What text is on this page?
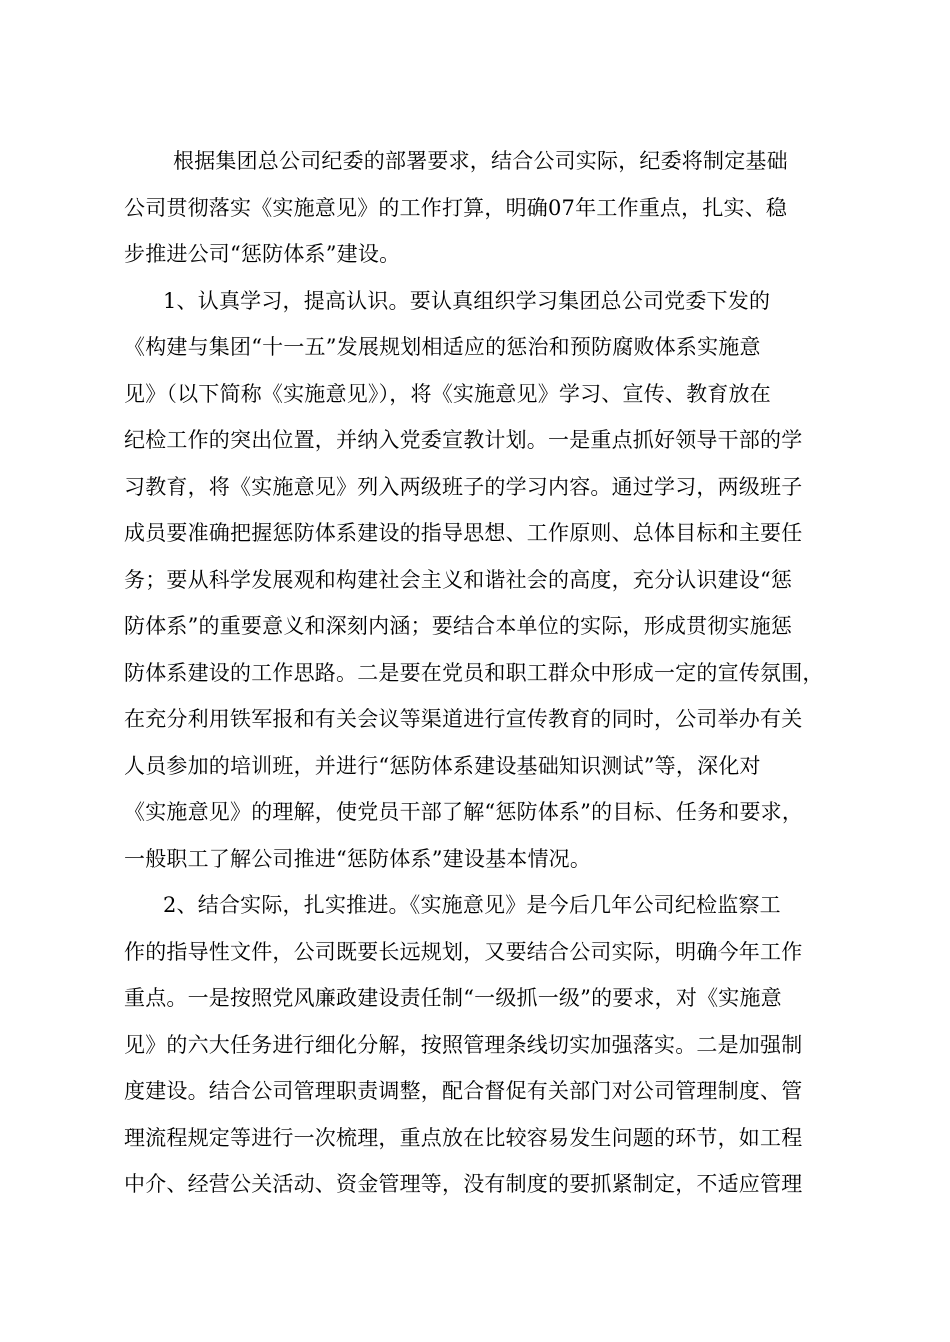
根据集团总公司纪委的部署要求，结合公司实际，纪委将制定基础
公司贯彻落实《实施意见》的工作打算，明确07年工作重点，扎实、稳
步推进公司“惩防体系”建设。
1、认真学习，提高认识。要认真组织学习集团总公司党委下发的
《构建与集团“十一五”发展规划相适应的惩治和预防腐败体系实施意
见》（以下简称《实施意见》），将《实施意见》学习、宣传、教育放在
纪检工作的突出位置，并纳入党委宣教计划。一是重点抓好领导干部的学
习教育，将《实施意见》列入两级班子的学习内容。通过学习，两级班子
成员要准确把握惩防体系建设的指导思想、工作原则、总体目标和主要任
务；要从科学发展观和构建社会主义和谐社会的高度，充分认识建设“惩
防体系”的重要意义和深刻内涵；要结合本单位的实际，形成贯彻实施惩
防体系建设的工作思路。二是要在党员和职工群众中形成一定的宣传氛围，
在充分利用铁军报和有关会议等渠道进行宣传教育的同时，公司举办有关
人员参加的培训班，并进行“惩防体系建设基础知识测试”等，深化对
《实施意见》的理解，使党员干部了解“惩防体系”的目标、任务和要求，
一般职工了解公司推进“惩防体系”建设基本情况。
2、结合实际，扎实推进。《实施意见》是今后几年公司纪检监察工
作的指导性文件，公司既要长远规划，又要结合公司实际，明确今年工作
重点。一是按照党风廉政建设责任制“一级抓一级”的要求，对《实施意
见》的六大任务进行细化分解，按照管理条线切实加强落实。二是加强制
度建设。结合公司管理职责调整，配合督促有关部门对公司管理制度、管
理流程规定等进行一次梳理，重点放在比较容易发生问题的环节，如工程
中介、经营公关活动、资金管理等，没有制度的要抓紧制定，不适应管理
